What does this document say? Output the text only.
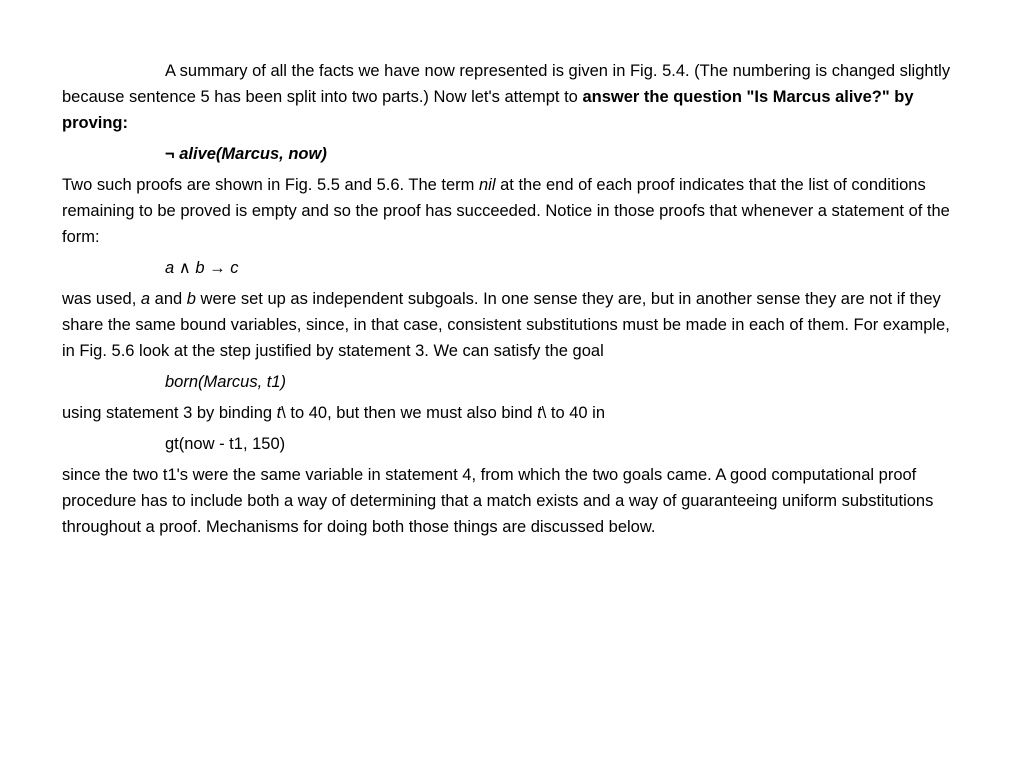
A summary of all the facts we have now represented is given in Fig. 5.4. (The numbering is changed slightly because sentence 5 has been split into two parts.) Now let's attempt to answer the question "Is Marcus alive?" by proving:

¬ alive(Marcus, now)

Two such proofs are shown in Fig. 5.5 and 5.6. The term nil at the end of each proof indicates that the list of conditions remaining to be proved is empty and so the proof has succeeded. Notice in those proofs that whenever a statement of the form:

a ∧ b → c

was used, a and b were set up as independent subgoals. In one sense they are, but in another sense they are not if they share the same bound variables, since, in that case, consistent substitutions must be made in each of them. For example, in Fig. 5.6 look at the step justified by statement 3. We can satisfy the goal

born(Marcus, t1)

using statement 3 by binding t\ to 40, but then we must also bind t\ to 40 in

gt(now - t1, 150)

since the two t1's were the same variable in statement 4, from which the two goals came. A good computational proof procedure has to include both a way of determining that a match exists and a way of guaranteeing uniform substitutions throughout a proof. Mechanisms for doing both those things are discussed below.
